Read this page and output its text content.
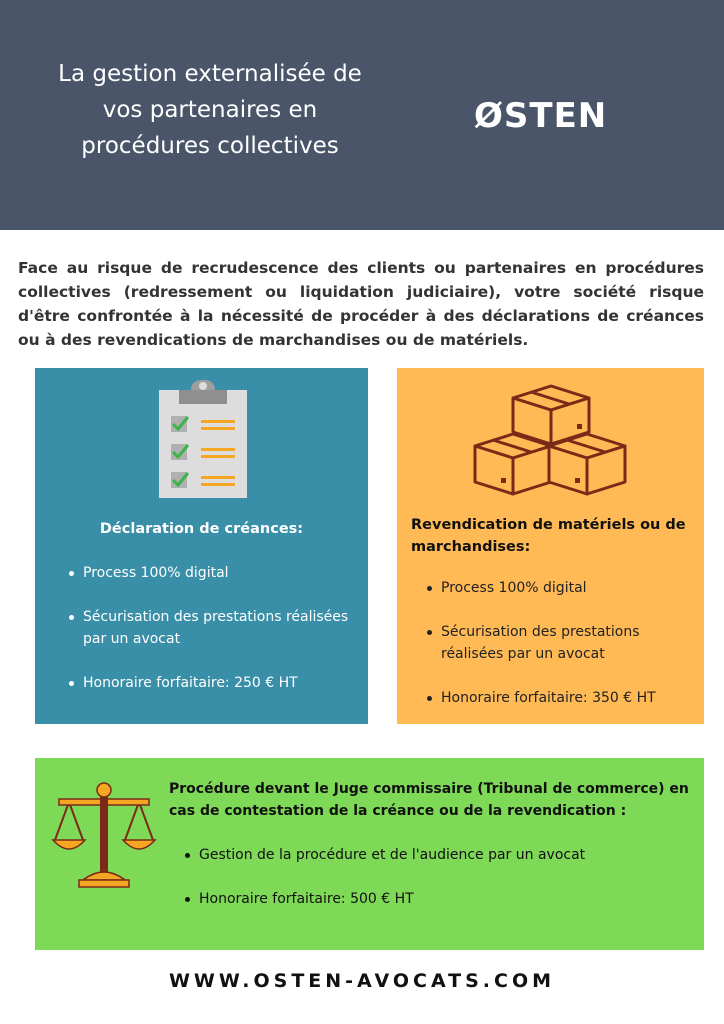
La gestion externalisée de
vos partenaires en
procédures collectives
ØSTEN

Face au risque de recrudescence des clients ou partenaires en procédures collectives (redressement ou liquidation judiciaire), votre société risque d'être confrontée à la nécessité de procéder à des déclarations de créances ou à des revendications de marchandises ou de matériels.

Déclaration de créances:
Process 100% digital
Sécurisation des prestations réalisées par un avocat
Honoraire forfaitaire: 250 € HT
Revendication de matériels ou de marchandises:
Process 100% digital
Sécurisation des prestations réalisées par un avocat
Honoraire forfaitaire: 350 € HT
Procédure devant le Juge commissaire (Tribunal de commerce) en cas de contestation de la créance ou de la revendication :
Gestion de la procédure et de l'audience par un avocat
Honoraire forfaitaire: 500 € HT
WWW.OSTEN-AVOCATS.COM
